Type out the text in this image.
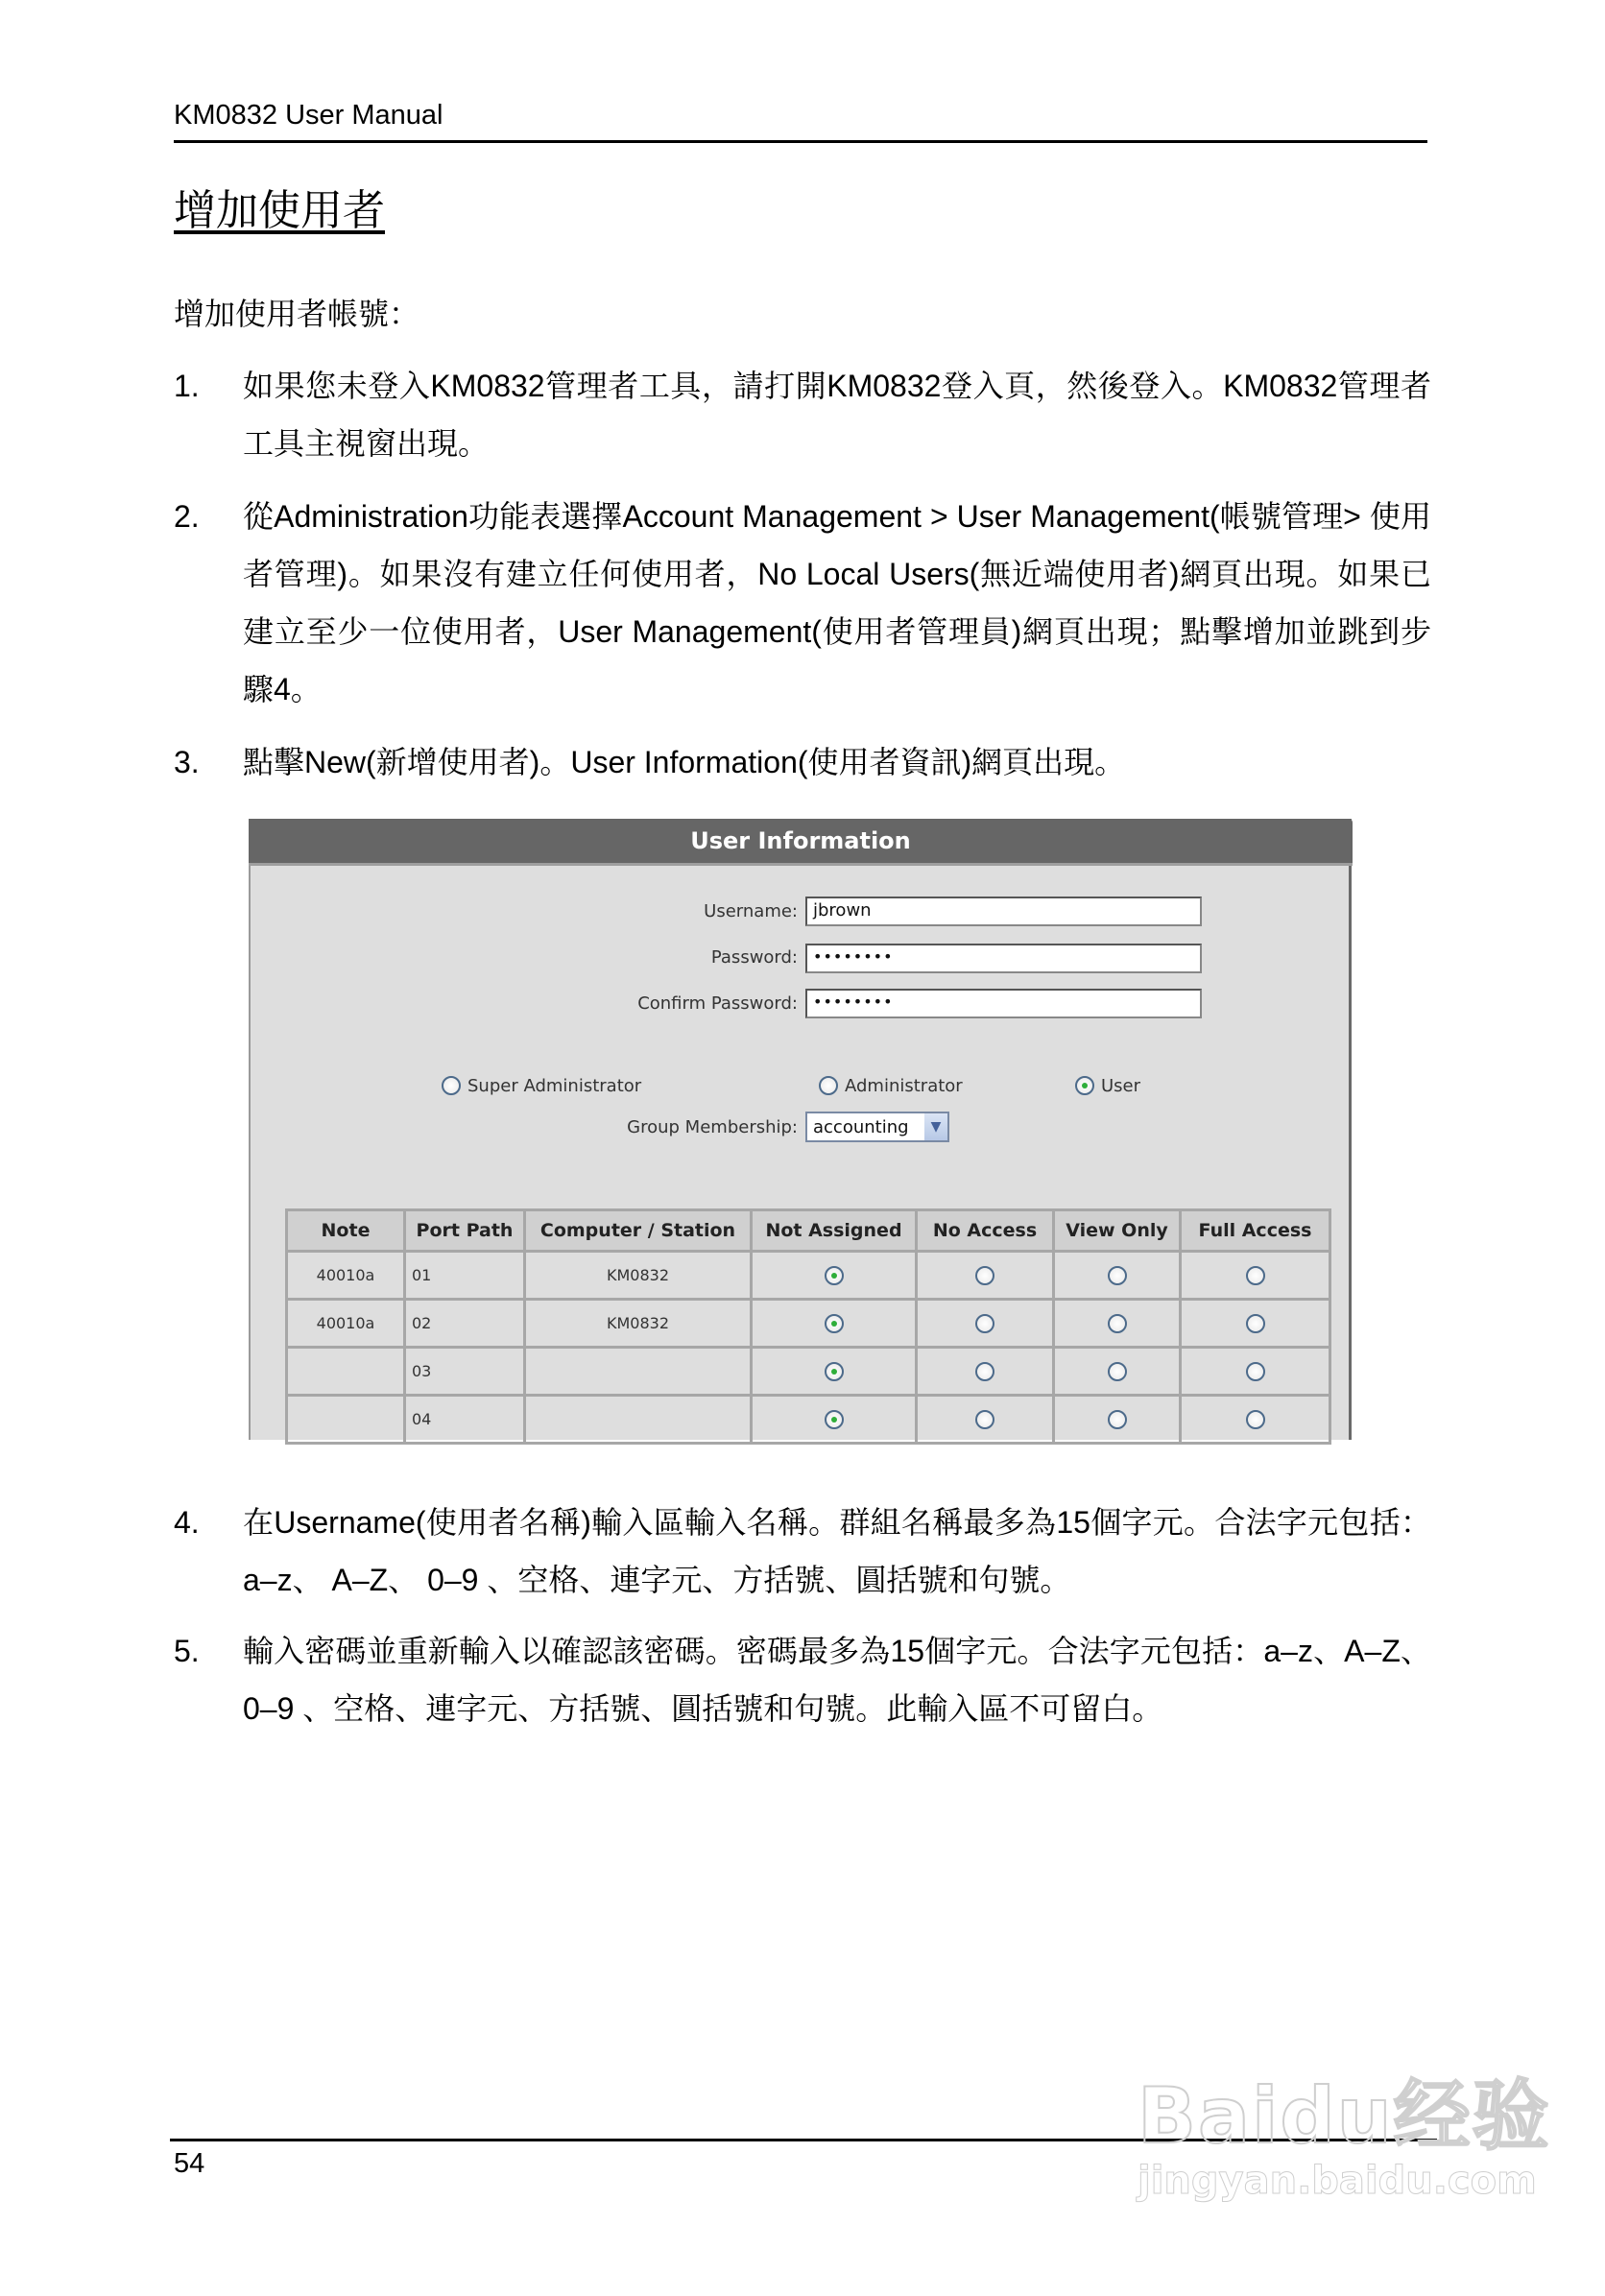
KM0832 User Manual
增加使用者
增加使用者帳號：
1. 如果您未登入KM0832管理者工具，請打開KM0832登入頁，然後登入。KM0832管理者工具主視窗出現。
2. 從Administration功能表選擇Account Management > User Management(帳號管理> 使用者管理)。如果沒有建立任何使用者，No Local Users(無近端使用者)網頁出現。如果已建立至少一位使用者，User Management(使用者管理員)網頁出現；點擊增加並跳到步驟4。
3. 點擊New(新增使用者)。User Information(使用者資訊)網頁出現。
User Information
Username: jbrown
Password:	••••••••
Confirm Password:	••••••••
Super Administrator	Administrator	User
Group Membership: accounting	▼
Note	Port Path	Computer / Station	Not Assigned	No Access	View Only	Full Access
40010a	01	KM0832				
40010a	02	KM0832				
	03					
	04					
4. 在Username(使用者名稱)輸入區輸入名稱。群組名稱最多為15個字元。合法字元包括：a–z、 A–Z、 0–9 、空格、連字元、方括號、圓括號和句號。
5. 輸入密碼並重新輸入以確認該密碼。密碼最多為15個字元。合法字元包括：a–z、A–Z、 0–9 、空格、連字元、方括號、圓括號和句號。此輸入區不可留白。
54
Baidu经验
jingyan.baidu.com
